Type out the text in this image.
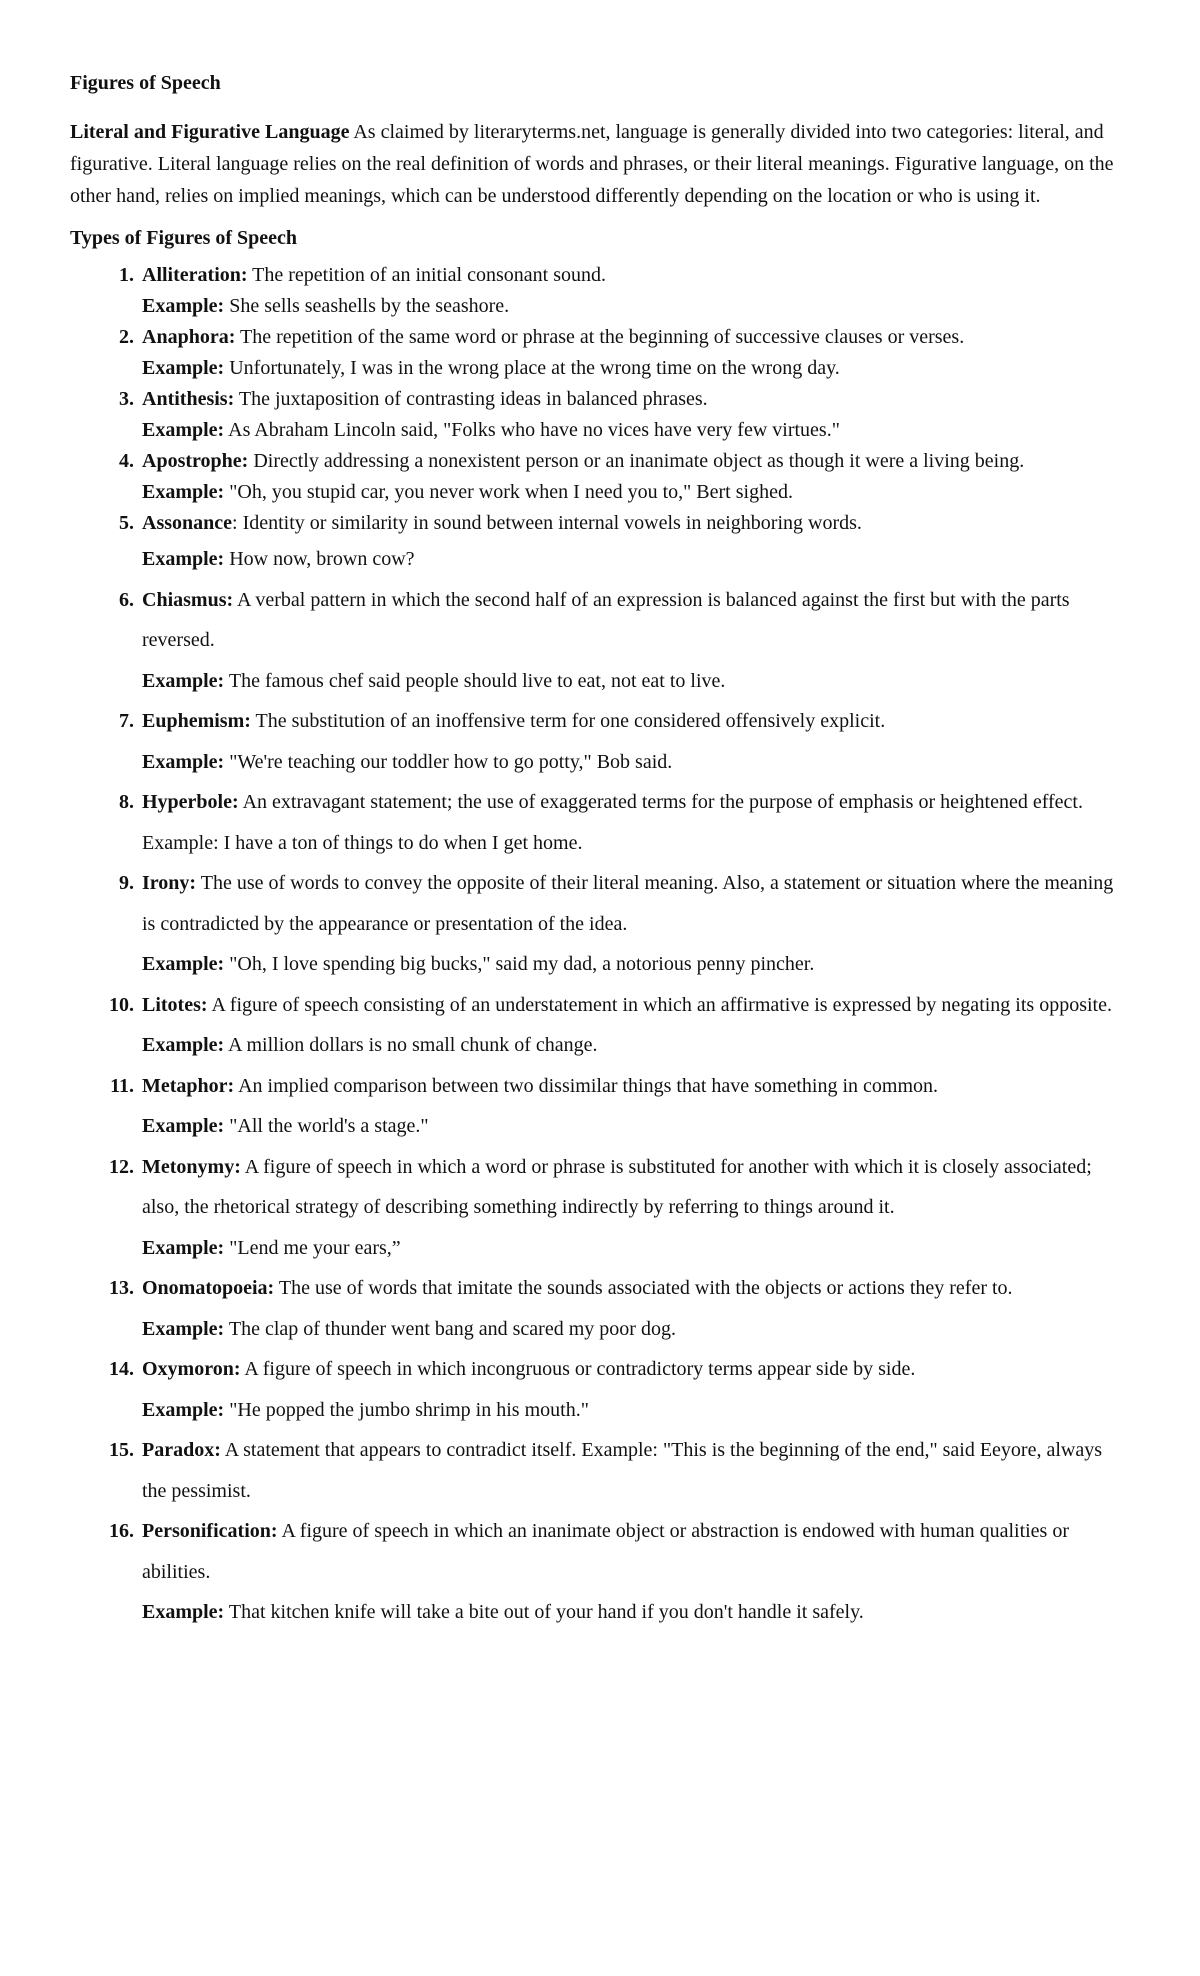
Figures of Speech

Literal and Figurative Language As claimed by literaryterms.net, language is generally divided into two categories: literal, and figurative. Literal language relies on the real definition of words and phrases, or their literal meanings. Figurative language, on the other hand, relies on implied meanings, which can be understood differently depending on the location or who is using it.

Types of Figures of Speech
1. Alliteration: The repetition of an initial consonant sound.
Example: She sells seashells by the seashore.
2. Anaphora: The repetition of the same word or phrase at the beginning of successive clauses or verses.
Example: Unfortunately, I was in the wrong place at the wrong time on the wrong day.
3. Antithesis: The juxtaposition of contrasting ideas in balanced phrases.
Example: As Abraham Lincoln said, "Folks who have no vices have very few virtues."
4. Apostrophe: Directly addressing a nonexistent person or an inanimate object as though it were a living being.
Example: "Oh, you stupid car, you never work when I need you to," Bert sighed.
5. Assonance: Identity or similarity in sound between internal vowels in neighboring words.
Example: How now, brown cow?
6. Chiasmus: A verbal pattern in which the second half of an expression is balanced against the first but with the parts reversed.
Example: The famous chef said people should live to eat, not eat to live.
7. Euphemism: The substitution of an inoffensive term for one considered offensively explicit.
Example: "We're teaching our toddler how to go potty," Bob said.
8. Hyperbole: An extravagant statement; the use of exaggerated terms for the purpose of emphasis or heightened effect.
Example: I have a ton of things to do when I get home.
9. Irony: The use of words to convey the opposite of their literal meaning. Also, a statement or situation where the meaning is contradicted by the appearance or presentation of the idea.
Example: "Oh, I love spending big bucks," said my dad, a notorious penny pincher.
10. Litotes: A figure of speech consisting of an understatement in which an affirmative is expressed by negating its opposite.
Example: A million dollars is no small chunk of change.
11. Metaphor: An implied comparison between two dissimilar things that have something in common.
Example: "All the world's a stage."
12. Metonymy: A figure of speech in which a word or phrase is substituted for another with which it is closely associated; also, the rhetorical strategy of describing something indirectly by referring to things around it.
Example: "Lend me your ears,”
13. Onomatopoeia: The use of words that imitate the sounds associated with the objects or actions they refer to.
Example: The clap of thunder went bang and scared my poor dog.
14. Oxymoron: A figure of speech in which incongruous or contradictory terms appear side by side.
Example: "He popped the jumbo shrimp in his mouth."
15. Paradox: A statement that appears to contradict itself. Example: "This is the beginning of the end," said Eeyore, always the pessimist.
16. Personification: A figure of speech in which an inanimate object or abstraction is endowed with human qualities or abilities.
Example: That kitchen knife will take a bite out of your hand if you don't handle it safely.
